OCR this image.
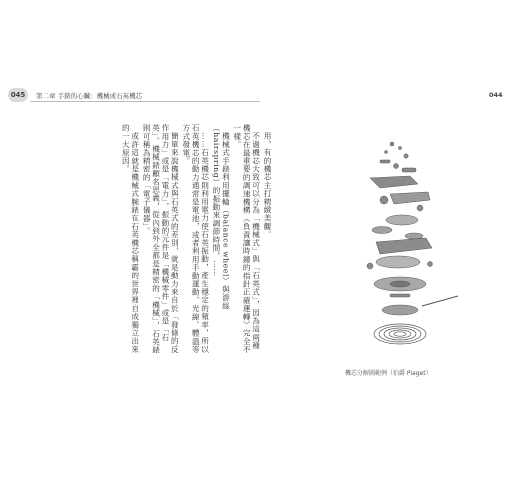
045	第二章 手錶的心臟：機械或石英機芯	044

用，有的機芯主打精緻美觀。

不過機芯大致可以分為「機械式」與「石英式」，因為這兩種機芯在最重要的調速機構（負責讓時鐘的指針正確運轉）完全不一樣。

機械式手錶利用擺輪（balance wheel）與游絲（hairspring）的振動來調節時間，……

……石英機芯則利用電力使石英振動，產生穩定的頻率，所以石英機芯的動力通常是電池，或者利用手動運動、光線、體溫等方式發電。

簡單來說機械式與石英式的差別，就是動力來自於「發條的反作用力」或是「電力」，振動的元件是「機械零件」或是「石英」。機械錶顧名思義，從內到外全都是精密的「機械」，石英錶則可稱為精密的「電子儀器」。

或許這就是機械式腕錶在石英機芯稱霸的世界裡自成獨立出來的一大原因。

機芯分解圖範例（伯爵 Piaget）
